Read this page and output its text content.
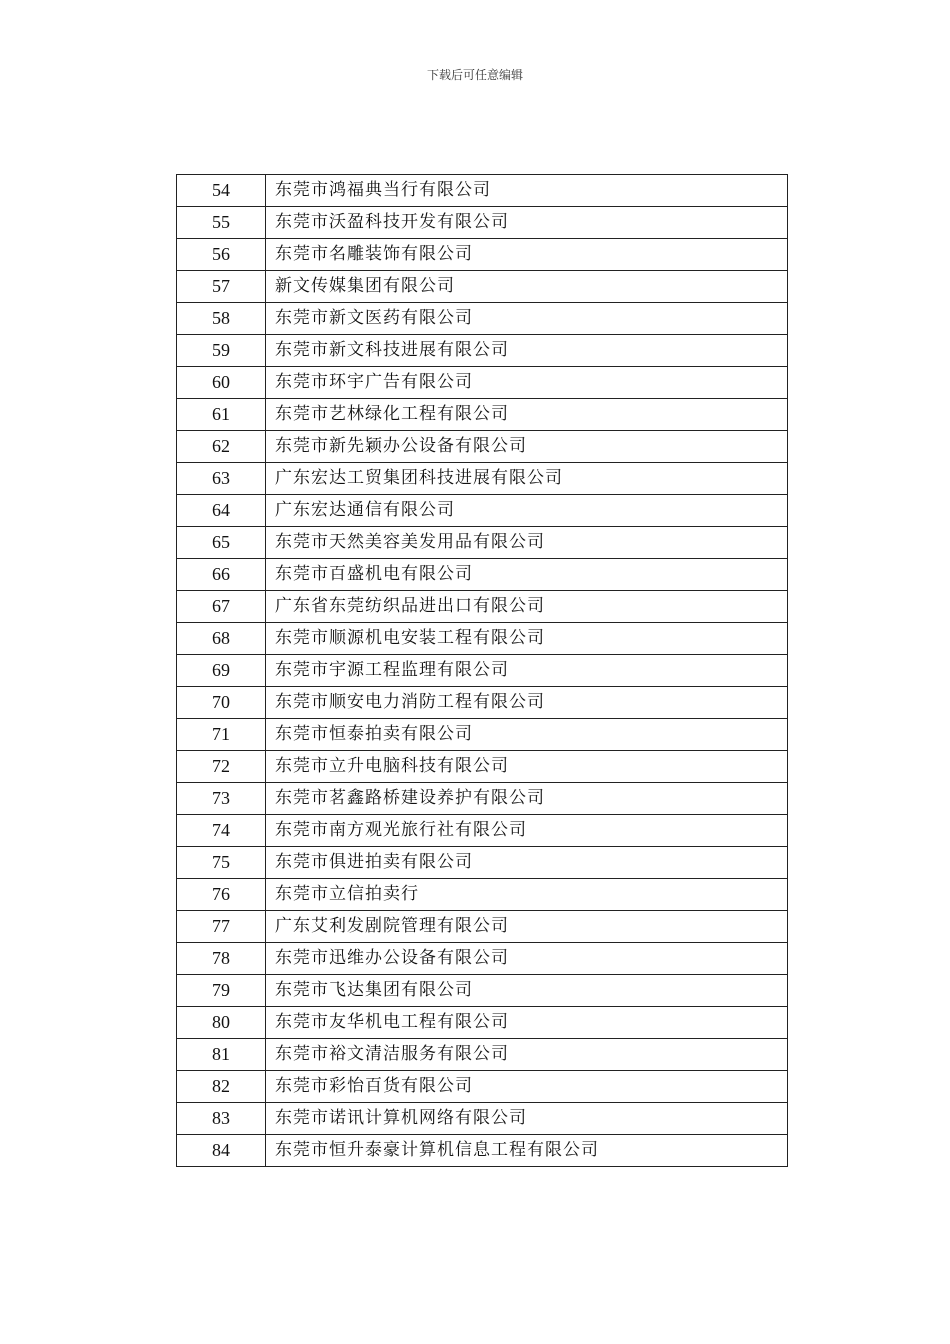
下载后可任意编辑
54	东莞市鸿福典当行有限公司
55	东莞市沃盈科技开发有限公司
56	东莞市名雕装饰有限公司
57	新文传媒集团有限公司
58	东莞市新文医药有限公司
59	东莞市新文科技进展有限公司
60	东莞市环宇广告有限公司
61	东莞市艺林绿化工程有限公司
62	东莞市新先颖办公设备有限公司
63	广东宏达工贸集团科技进展有限公司
64	广东宏达通信有限公司
65	东莞市天然美容美发用品有限公司
66	东莞市百盛机电有限公司
67	广东省东莞纺织品进出口有限公司
68	东莞市顺源机电安装工程有限公司
69	东莞市宇源工程监理有限公司
70	东莞市顺安电力消防工程有限公司
71	东莞市恒泰拍卖有限公司
72	东莞市立升电脑科技有限公司
73	东莞市茗鑫路桥建设养护有限公司
74	东莞市南方观光旅行社有限公司
75	东莞市俱进拍卖有限公司
76	东莞市立信拍卖行
77	广东艾利发剧院管理有限公司
78	东莞市迅维办公设备有限公司
79	东莞市飞达集团有限公司
80	东莞市友华机电工程有限公司
81	东莞市裕文清洁服务有限公司
82	东莞市彩怡百货有限公司
83	东莞市诺讯计算机网络有限公司
84	东莞市恒升泰豪计算机信息工程有限公司
